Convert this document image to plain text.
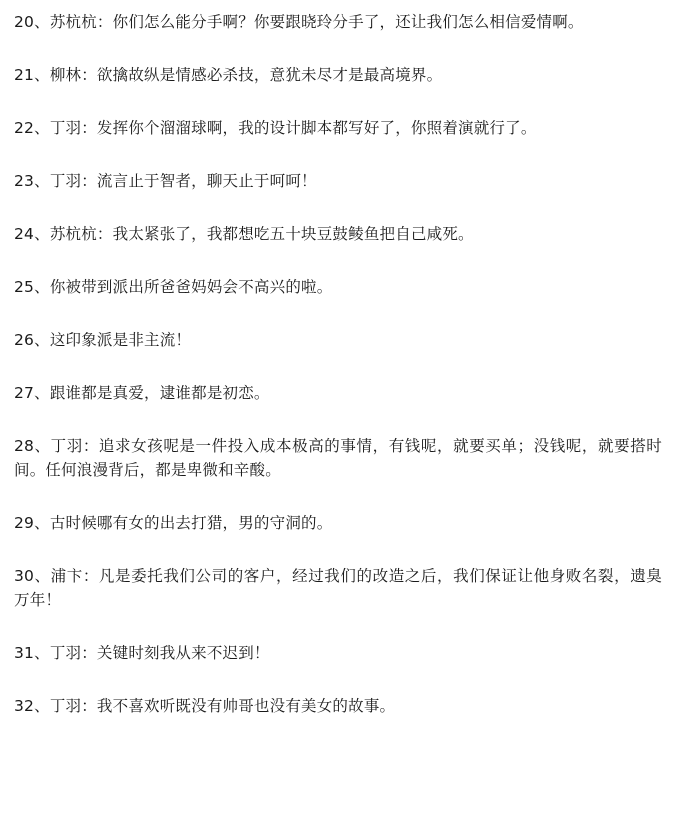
20、苏杭杭：你们怎么能分手啊？你要跟晓玲分手了，还让我们怎么相信爱情啊。

21、柳林：欲擒故纵是情感必杀技，意犹未尽才是最高境界。

22、丁羽：发挥你个溜溜球啊，我的设计脚本都写好了，你照着演就行了。

23、丁羽：流言止于智者，聊天止于呵呵！

24、苏杭杭：我太紧张了，我都想吃五十块豆鼓鲮鱼把自己咸死。

25、你被带到派出所爸爸妈妈会不高兴的啦。

26、这印象派是非主流！

27、跟谁都是真爱，逮谁都是初恋。

28、丁羽：追求女孩呢是一件投入成本极高的事情，有钱呢，就要买单；没钱呢，就要搭时间。任何浪漫背后，都是卑微和辛酸。

29、古时候哪有女的出去打猎，男的守洞的。

30、浦卞：凡是委托我们公司的客户，经过我们的改造之后，我们保证让他身败名裂，遗臭万年！

31、丁羽：关键时刻我从来不迟到！

32、丁羽：我不喜欢听既没有帅哥也没有美女的故事。
